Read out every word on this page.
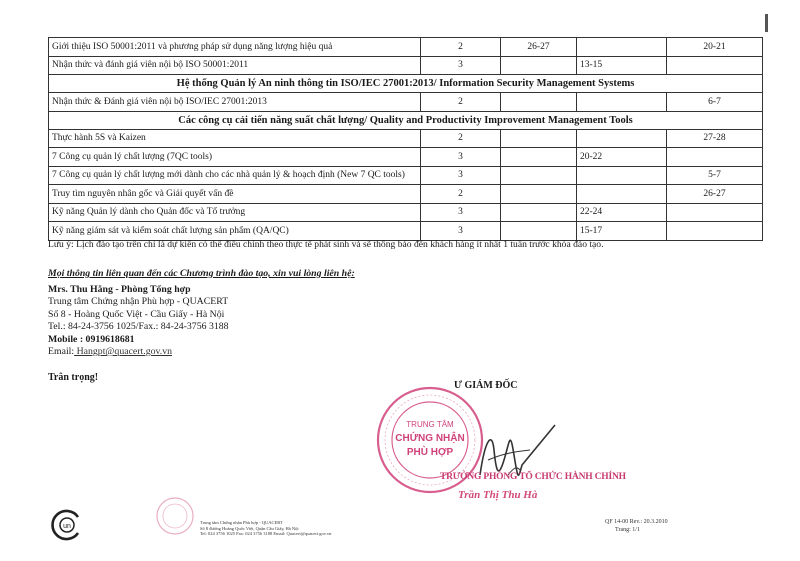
Giới thiệu ISO 50001:2011 và phương pháp sử dụng năng lượng hiệu quả	2	26-27		20-21
Nhận thức và đánh giá viên nội bộ ISO 50001:2011	3		13-15	
Hệ thống Quản lý An ninh thông tin ISO/IEC 27001:2013/ Information Security Management Systems				
Nhận thức & Đánh giá viên nội bộ ISO/IEC 27001:2013	2			6-7
Các công cụ cải tiến năng suất chất lượng/ Quality and Productivity Improvement Management Tools				
Thực hành 5S và Kaizen	2			27-28
7 Công cụ quản lý chất lượng (7QC tools)	3		20-22	
7 Công cụ quản lý chất lượng mới dành cho các nhà quản lý & hoạch định (New 7 QC tools)	3			5-7
Truy tìm nguyên nhân gốc và Giải quyết vấn đề	2			26-27
Kỹ năng Quản lý dành cho Quản đốc và Tổ trưởng	3		22-24	
Kỹ năng giám sát và kiểm soát chất lượng sản phẩm (QA/QC)	3		15-17	
Lưu ý: Lịch đào tạo trên chỉ là dự kiến có thể điều chỉnh theo thực tế phát sinh và sẽ thông báo đến khách hàng ít nhất 1 tuần trước khóa đào tạo.
Mọi thông tin liên quan đến các Chương trình đào tạo, xin vui lòng liên hệ:
Mrs. Thu Hằng - Phòng Tổng hợp
Trung tâm Chứng nhận Phù hợp - QUACERT
Số 8 - Hoàng Quốc Việt - Cầu Giấy - Hà Nội
Tel.: 84-24-3756 1025/Fax.: 84-24-3756 3188
Mobile : 0919618681
Email: Hangpt@quacert.gov.vn
Trân trọng!
Ư GIÁM ĐỐC
TRUNG TÂM
CHỨNG NHẬN
PHÙ HỢP
TRƯỞNG PHÒNG TỔ CHỨC HÀNH CHÍNH
Trần Thị Thu Hà
un
Trung tâm Chứng nhận Phù hợp - QUACERT
Số 8 đường Hoàng Quốc Việt, Quận Cầu Giấy, Hà Nội
Tel: 024 3756 1025 Fax: 024 3756 3188 Email: Quacert@quacert.gov.vn
QF 14-00 Rev.: 20.3.2010
Trang: 1/1
